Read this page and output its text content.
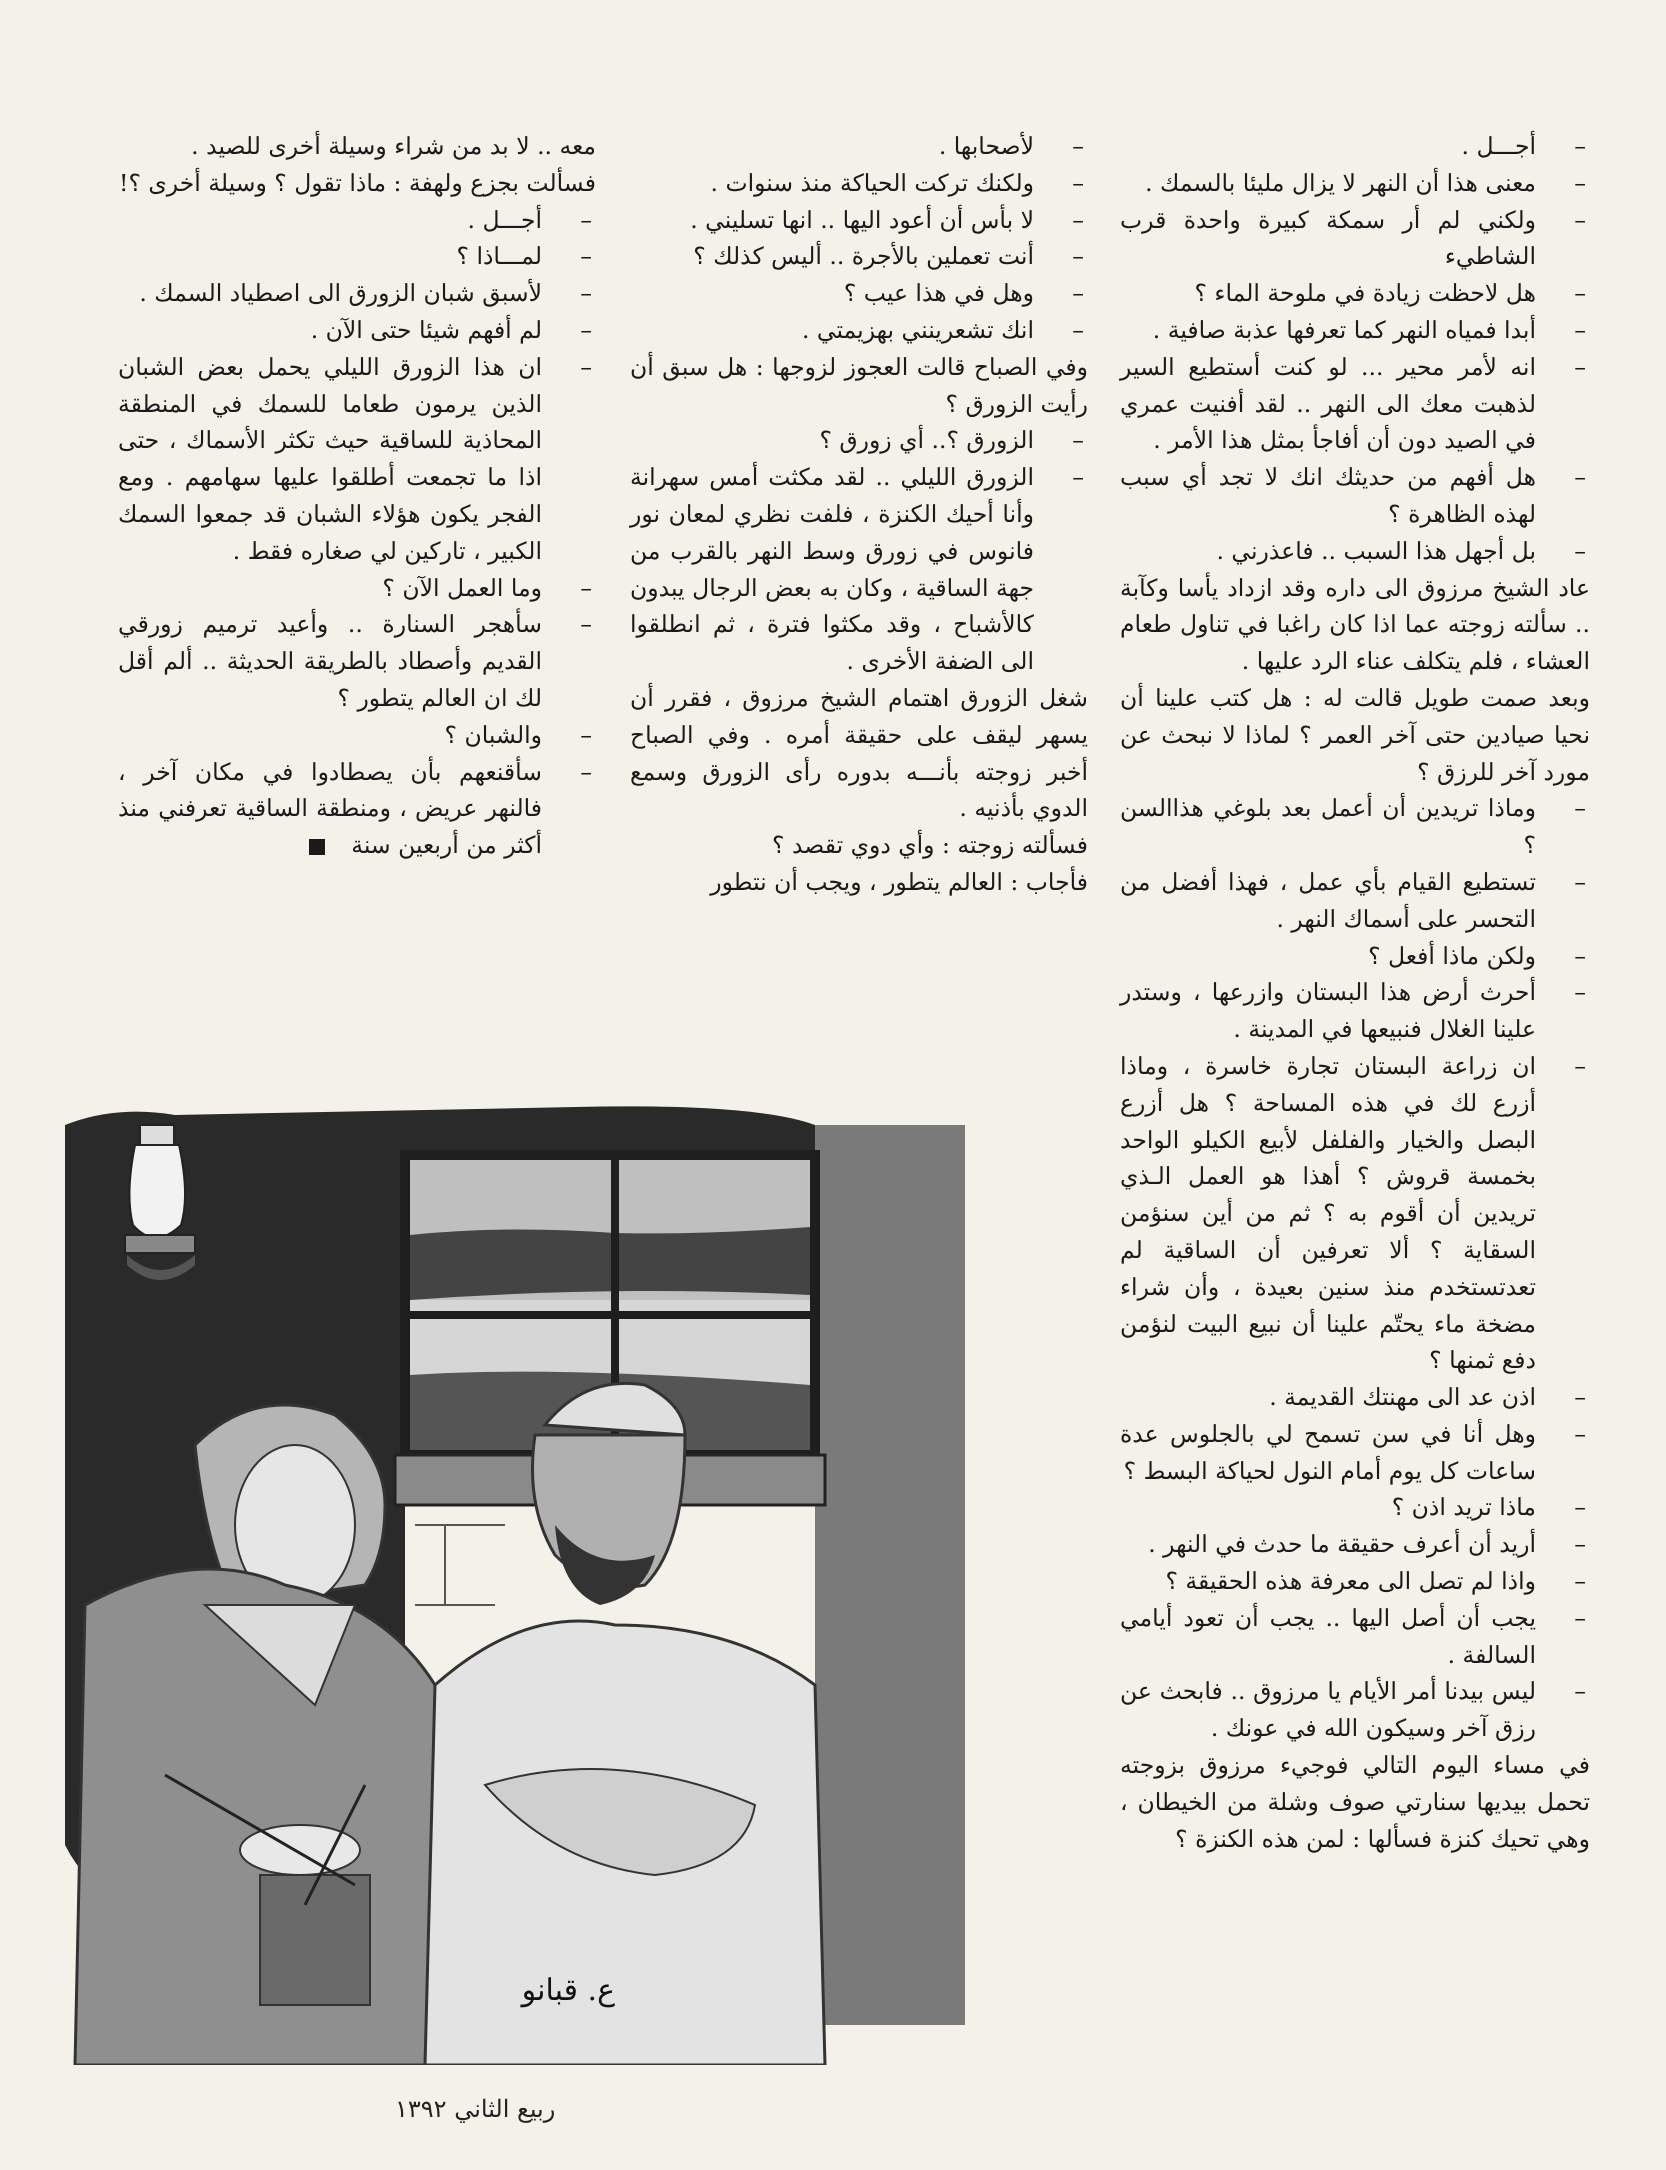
– أجـــل .

– معنى هذا أن النهر لا يزال مليئا بالسمك .

– ولكني لم أر سمكة كبيرة واحدة قرب الشاطيء

– هل لاحظت زيادة في ملوحة الماء ؟

– أبدا فمياه النهر كما تعرفها عذبة صافية .

– انه لأمر محير ... لو كنت أستطيع السير لذهبت معك الى النهر .. لقد أفنيت عمري في الصيد دون أن أفاجأ بمثل هذا الأمر .

– هل أفهم من حديثك انك لا تجد أي سبب لهذه الظاهرة ؟

– بل أجهل هذا السبب .. فاعذرني .

عاد الشيخ مرزوق الى داره وقد ازداد يأسا وكآبة .. سألته زوجته عما اذا كان راغبا في تناول طعام العشاء ، فلم يتكلف عناء الرد عليها .

وبعد صمت طويل قالت له : هل كتب علينا أن نحيا صيادين حتى آخر العمر ؟ لماذا لا نبحث عن مورد آخر للرزق ؟

– وماذا تريدين أن أعمل بعد بلوغي هذاالسن ؟

– تستطيع القيام بأي عمل ، فهذا أفضل من التحسر على أسماك النهر .

– ولكن ماذا أفعل ؟

– أحرث أرض هذا البستان وازرعها ، وستدر علينا الغلال فنبيعها في المدينة .

– ان زراعة البستان تجارة خاسرة ، وماذا أزرع لك في هذه المساحة ؟ هل أزرع البصل والخيار والفلفل لأبيع الكيلو الواحد بخمسة قروش ؟ أهذا هو العمل الـذي تريدين أن أقوم به ؟ ثم من أين سنؤمن السقاية ؟ ألا تعرفين أن الساقية لم تعدتستخدم منذ سنين بعيدة ، وأن شراء مضخة ماء يحتّم علينا أن نبيع البيت لنؤمن دفع ثمنها ؟

– اذن عد الى مهنتك القديمة .

– وهل أنا في سن تسمح لي بالجلوس عدة ساعات كل يوم أمام النول لحياكة البسط ؟

– ماذا تريد اذن ؟

– أريد أن أعرف حقيقة ما حدث في النهر .

– واذا لم تصل الى معرفة هذه الحقيقة ؟

– يجب أن أصل اليها .. يجب أن تعود أيامي السالفة .

– ليس بيدنا أمر الأيام يا مرزوق .. فابحث عن رزق آخر وسيكون الله في عونك .

في مساء اليوم التالي فوجيء مرزوق بزوجته تحمل بيديها سنارتي صوف وشلة من الخيطان ، وهي تحيك كنزة فسألها : لمن هذه الكنزة ؟

– لأصحابها .

– ولكنك تركت الحياكة منذ سنوات .

– لا بأس أن أعود اليها .. انها تسليني .

– أنت تعملين بالأجرة .. أليس كذلك ؟

– وهل في هذا عيب ؟

– انك تشعرينني بهزيمتي .

وفي الصباح قالت العجوز لزوجها : هل سبق أن رأيت الزورق ؟

– الزورق ؟.. أي زورق ؟

– الزورق الليلي .. لقد مكثت أمس سهرانة وأنا أحيك الكنزة ، فلفت نظري لمعان نور فانوس في زورق وسط النهر بالقرب من جهة الساقية ، وكان به بعض الرجال يبدون كالأشباح ، وقد مكثوا فترة ، ثم انطلقوا الى الضفة الأخرى .

شغل الزورق اهتمام الشيخ مرزوق ، فقرر أن يسهر ليقف على حقيقة أمره . وفي الصباح أخبر زوجته بأنـــه بدوره رأى الزورق وسمع الدوي بأذنيه .

فسألته زوجته : وأي دوي تقصد ؟

فأجاب : العالم يتطور ، ويجب أن نتطور

معه .. لا بد من شراء وسيلة أخرى للصيد .

فسألت بجزع ولهفة : ماذا تقول ؟ وسيلة أخرى ؟!

– أجـــل .

– لمـــاذا ؟

– لأسبق شبان الزورق الى اصطياد السمك .

– لم أفهم شيئا حتى الآن .

– ان هذا الزورق الليلي يحمل بعض الشبان الذين يرمون طعاما للسمك في المنطقة المحاذية للساقية حيث تكثر الأسماك ، حتى اذا ما تجمعت أطلقوا عليها سهامهم . ومع الفجر يكون هؤلاء الشبان قد جمعوا السمك الكبير ، تاركين لي صغاره فقط .

– وما العمل الآن ؟

– سأهجر السنارة .. وأعيد ترميم زورقي القديم وأصطاد بالطريقة الحديثة .. ألم أقل لك ان العالم يتطور ؟

– والشبان ؟

– سأقنعهم بأن يصطادوا في مكان آخر ، فالنهر عريض ، ومنطقة الساقية تعرفني منذ أكثر من أربعين سنة

ع. قبانو
ربيع الثاني ١٣٩٢
